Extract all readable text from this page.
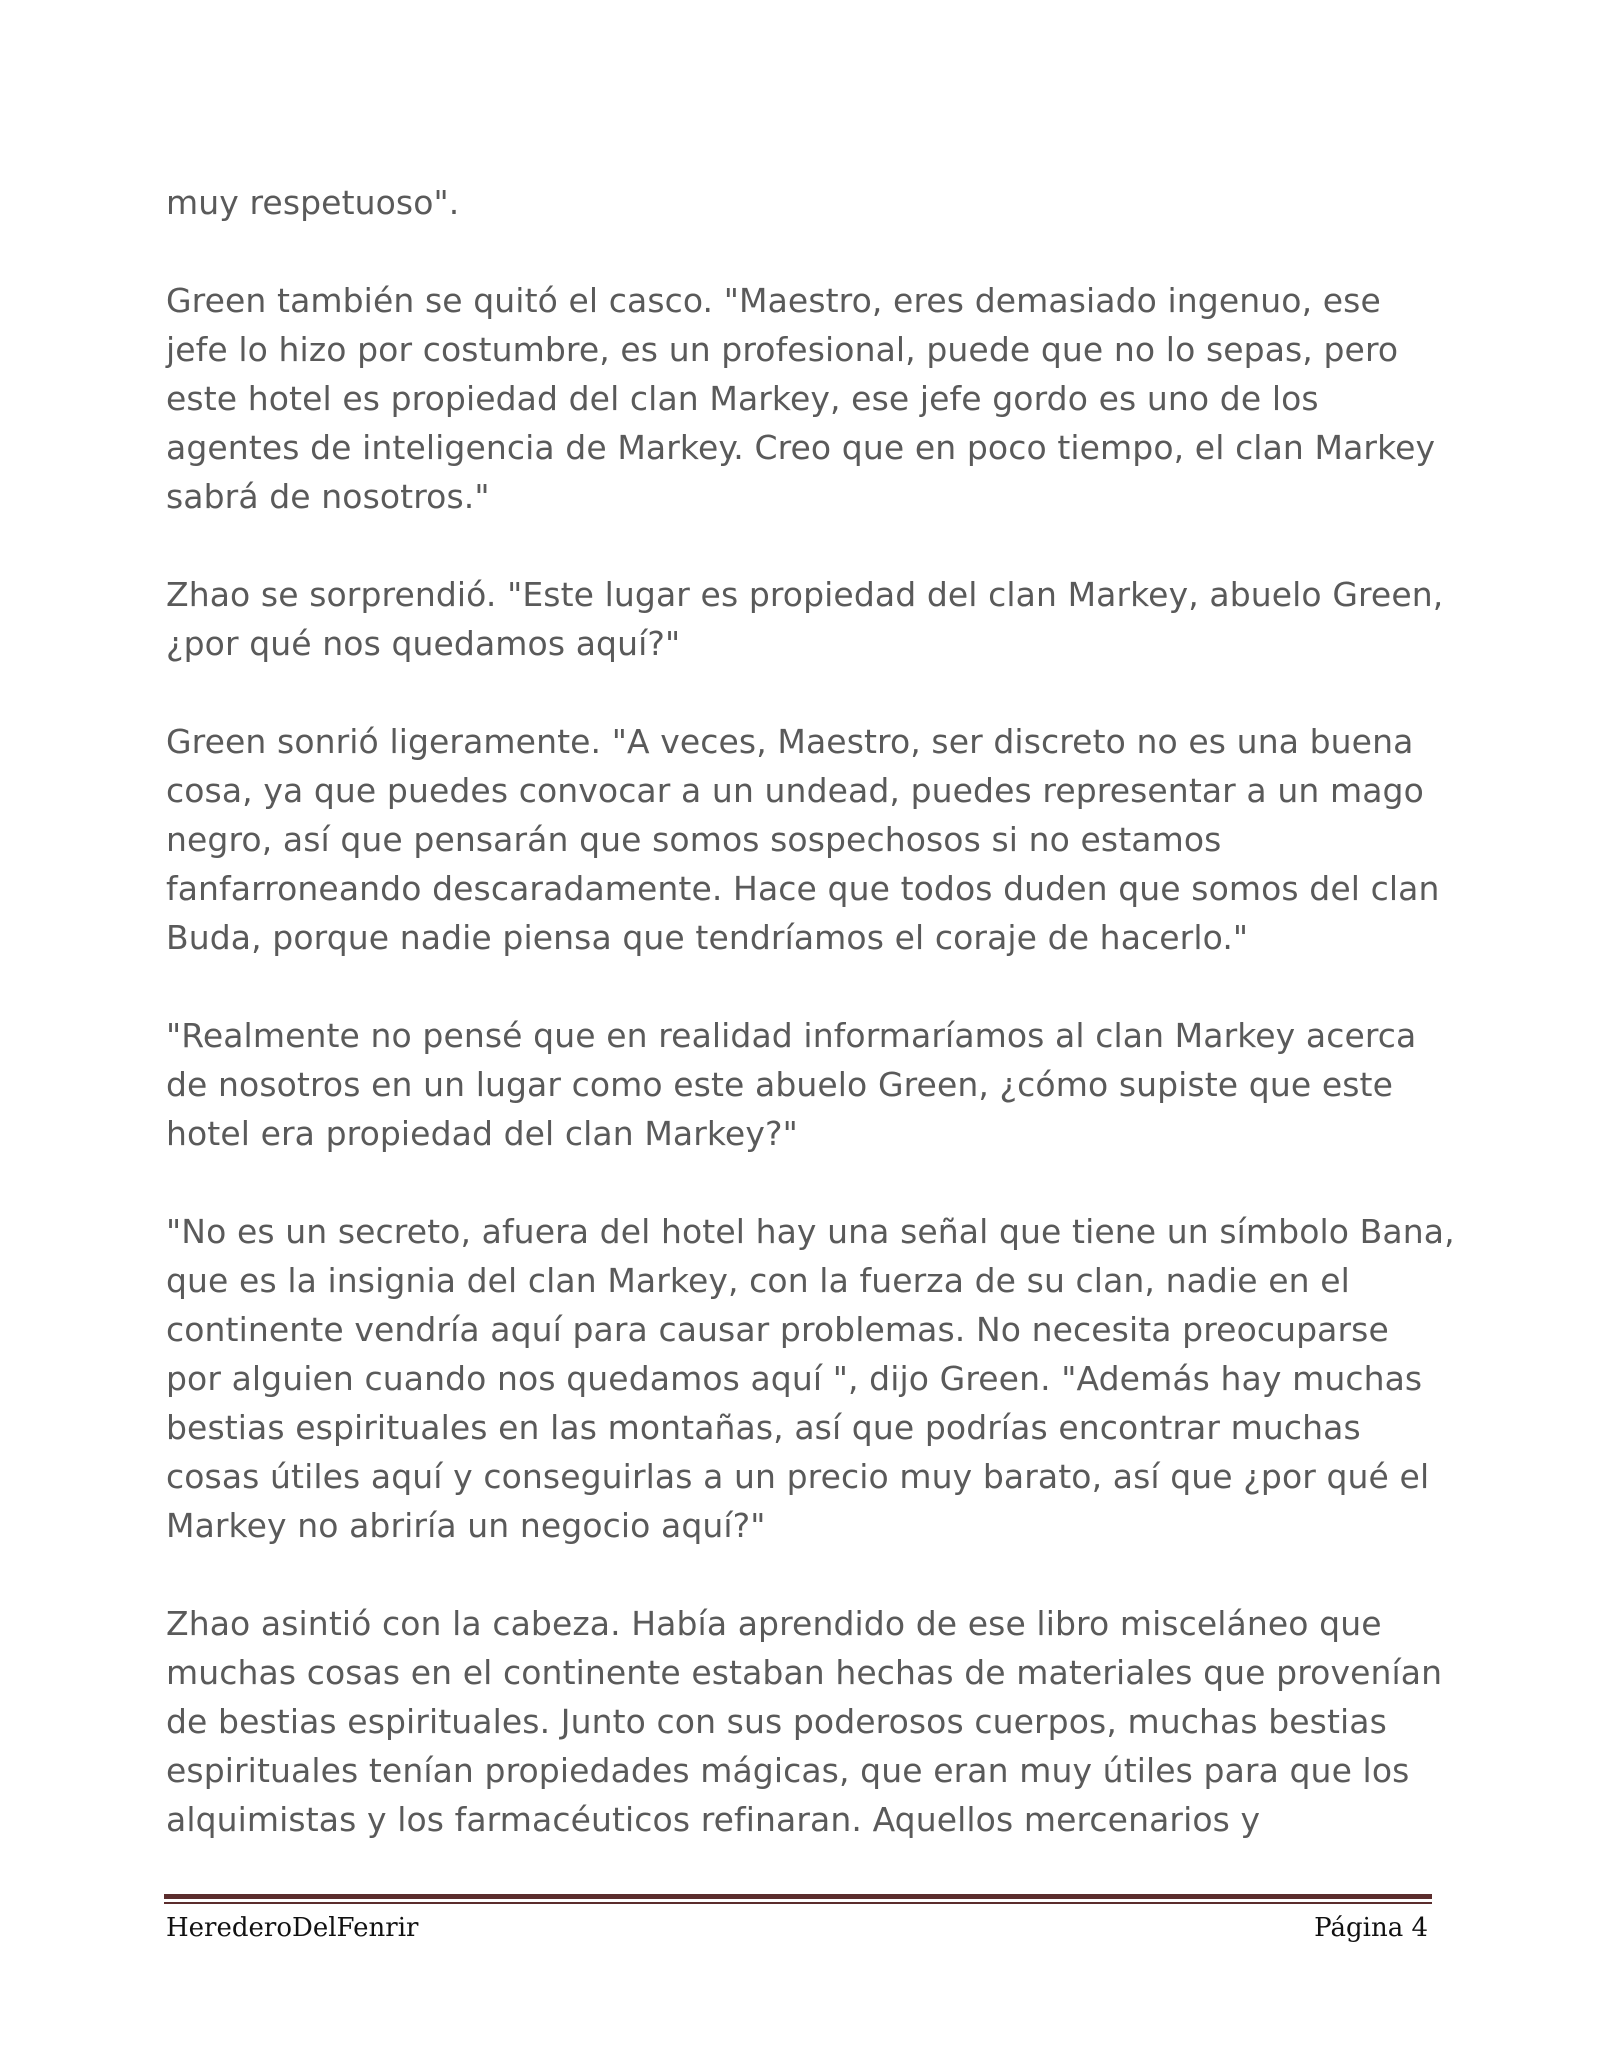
muy respetuoso".

Green también se quitó el casco. "Maestro, eres demasiado ingenuo, ese
jefe lo hizo por costumbre, es un profesional, puede que no lo sepas, pero
este hotel es propiedad del clan Markey, ese jefe gordo es uno de los
agentes de inteligencia de Markey. Creo que en poco tiempo, el clan Markey
sabrá de nosotros."

Zhao se sorprendió. "Este lugar es propiedad del clan Markey, abuelo Green,
¿por qué nos quedamos aquí?"

Green sonrió ligeramente. "A veces, Maestro, ser discreto no es una buena
cosa, ya que puedes convocar a un undead, puedes representar a un mago
negro, así que pensarán que somos sospechosos si no estamos
fanfarroneando descaradamente. Hace que todos duden que somos del clan
Buda, porque nadie piensa que tendríamos el coraje de hacerlo."

"Realmente no pensé que en realidad informaríamos al clan Markey acerca
de nosotros en un lugar como este abuelo Green, ¿cómo supiste que este
hotel era propiedad del clan Markey?"

"No es un secreto, afuera del hotel hay una señal que tiene un símbolo Bana,
que es la insignia del clan Markey, con la fuerza de su clan, nadie en el
continente vendría aquí para causar problemas. No necesita preocuparse
por alguien cuando nos quedamos aquí ", dijo Green. "Además hay muchas
bestias espirituales en las montañas, así que podrías encontrar muchas
cosas útiles aquí y conseguirlas a un precio muy barato, así que ¿por qué el
Markey no abriría un negocio aquí?"

Zhao asintió con la cabeza. Había aprendido de ese libro misceláneo que
muchas cosas en el continente estaban hechas de materiales que provenían
de bestias espirituales. Junto con sus poderosos cuerpos, muchas bestias
espirituales tenían propiedades mágicas, que eran muy útiles para que los
alquimistas y los farmacéuticos refinaran. Aquellos mercenarios y

HerederoDelFenrir	Página 4
